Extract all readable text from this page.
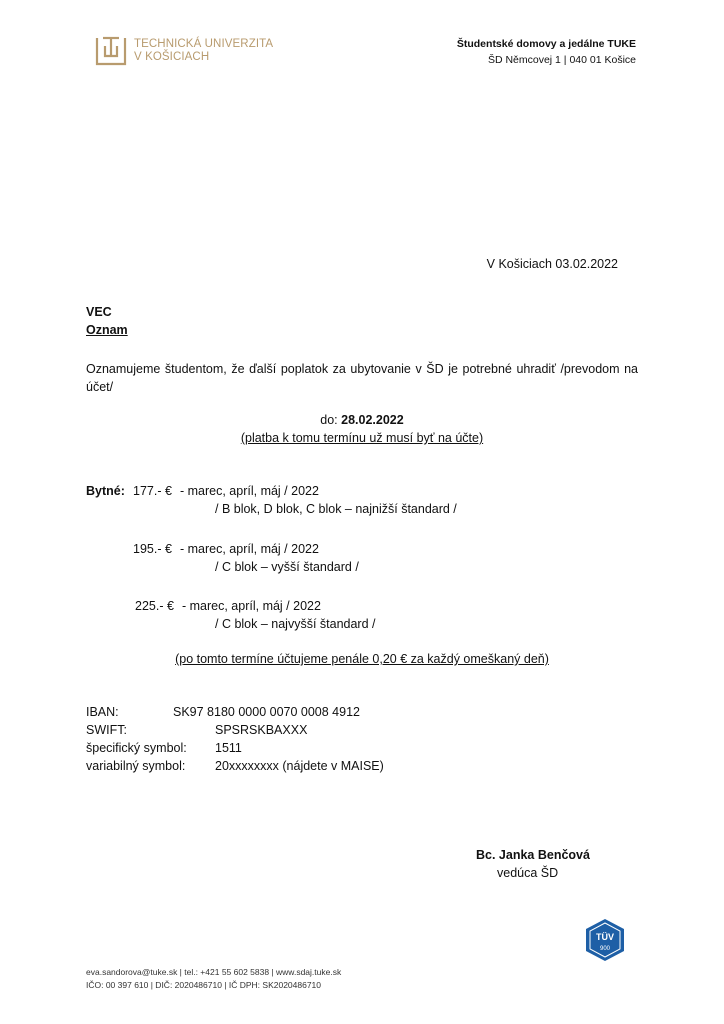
TECHNICKÁ UNIVERZITA
V KOŠICIACH
Študentské domovy a jedálne TUKE
ŠD Němcovej 1 | 040 01 Košice
V Košiciach 03.02.2022
VEC
Oznam
Oznamujeme študentom, že ďalší poplatok za ubytovanie v ŠD je potrebné uhradiť /prevodom na účet/
do: 28.02.2022
(platba k tomu termínu už musí byť na účte)
Bytné: 177.- € - marec, apríl, máj / 2022
/ B blok, D blok, C blok – najnižší štandard /
195.- € - marec, apríl, máj / 2022
/ C blok – vyšší štandard /
225.- € - marec, apríl, máj / 2022
/ C blok – najvyšší štandard /
(po tomto termíne účtujeme penále 0,20 € za každý omeškaný deň)
IBAN:	SK97 8180 0000 0070 0008 4912
SWIFT:	SPSRSKBAXXX
špecifický symbol: 1511
variabilný symbol: 20xxxxxxxx (nájdete v MAISE)
Bc. Janka Benčová
vedúca ŠD
TÜV
900
eva.sandorova@tuke.sk | tel.: +421 55 602 5838 | www.sdaj.tuke.sk
IČO: 00 397 610 | DIČ: 2020486710 | IČ DPH: SK2020486710
